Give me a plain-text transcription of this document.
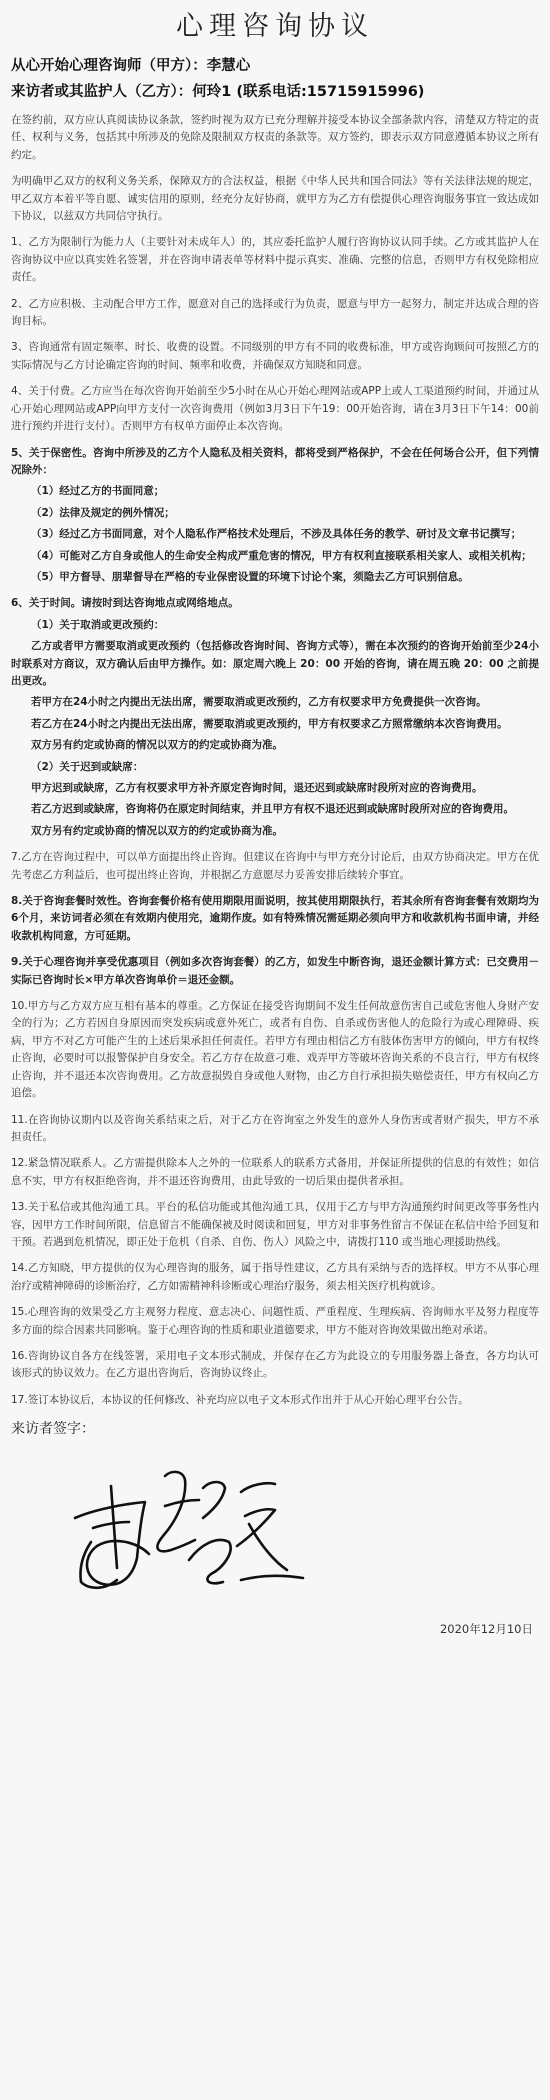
心理咨询协议
从心开始心理咨询师（甲方）：李慧心
来访者或其监护人（乙方）：何玲1 (联系电话:15715915996)

在签约前，双方应认真阅读协议条款，签约时视为双方已充分理解并接受本协议全部条款内容，清楚双方特定的责任、权利与义务，包括其中所涉及的免除及限制双方权责的条款等。双方签约，即表示双方同意遵循本协议之所有约定。

为明确甲乙双方的权利义务关系，保障双方的合法权益，根据《中华人民共和国合同法》等有关法律法规的规定，甲乙双方本着平等自愿、诚实信用的原则，经充分友好协商，就甲方为乙方有偿提供心理咨询服务事宜一致达成如下协议，以兹双方共同信守执行。

1、乙方为限制行为能力人（主要针对未成年人）的，其应委托监护人履行咨询协议认同手续。乙方或其监护人在咨询协议中应以真实姓名签署，并在咨询申请表单等材料中提示真实、准确、完整的信息，否则甲方有权免除相应责任。

2、乙方应积极、主动配合甲方工作，愿意对自己的选择或行为负责，愿意与甲方一起努力，制定并达成合理的咨询目标。

3、咨询通常有固定频率、时长、收费的设置。不同级别的甲方有不同的收费标准，甲方或咨询顾问可按照乙方的实际情况与乙方讨论确定咨询的时间、频率和收费，并确保双方知晓和同意。

4、关于付费。乙方应当在每次咨询开始前至少5小时在从心开始心理网站或APP上或人工渠道预约时间，并通过从心开始心理网站或APP向甲方支付一次咨询费用（例如3月3日下午19：00开始咨询，请在3月3日下午14：00前进行预约并进行支付）。否则甲方有权单方面停止本次咨询。

5、关于保密性。咨询中所涉及的乙方个人隐私及相关资料，都将受到严格保护，不会在任何场合公开，但下列情况除外：

（1）经过乙方的书面同意；

（2）法律及规定的例外情况；

（3）经过乙方书面同意，对个人隐私作严格技术处理后，不涉及具体任务的教学、研讨及文章书记撰写；

（4）可能对乙方自身或他人的生命安全构成严重危害的情况，甲方有权利直接联系相关家人、或相关机构；

（5）甲方督导、朋辈督导在严格的专业保密设置的环境下讨论个案，须隐去乙方可识别信息。

6、关于时间。请按时到达咨询地点或网络地点。

（1）关于取消或更改预约：

乙方或者甲方需要取消或更改预约（包括修改咨询时间、咨询方式等），需在本次预约的咨询开始前至少24小时联系对方商议，双方确认后由甲方操作。如：原定周六晚上 20：00 开始的咨询，请在周五晚 20：00 之前提出更改。

若甲方在24小时之内提出无法出席，需要取消或更改预约，乙方有权要求甲方免费提供一次咨询。

若乙方在24小时之内提出无法出席，需要取消或更改预约，甲方有权要求乙方照常缴纳本次咨询费用。

双方另有约定或协商的情况以双方的约定或协商为准。

（2）关于迟到或缺席：

甲方迟到或缺席，乙方有权要求甲方补齐原定咨询时间，退还迟到或缺席时段所对应的咨询费用。

若乙方迟到或缺席，咨询将仍在原定时间结束，并且甲方有权不退还迟到或缺席时段所对应的咨询费用。

双方另有约定或协商的情况以双方的约定或协商为准。

7.乙方在咨询过程中，可以单方面提出终止咨询。但建议在咨询中与甲方充分讨论后，由双方协商决定。甲方在优先考虑乙方利益后，也可提出终止咨询，并根据乙方意愿尽力妥善安排后续转介事宜。

8.关于咨询套餐时效性。咨询套餐价格有使用期限用面说明，按其使用期限执行，若其余所有咨询套餐有效期均为6个月，来访词者必须在有效期内使用完，逾期作废。如有特殊情况需延期必须向甲方和收款机构书面申请，并经收款机构同意，方可延期。

9.关于心理咨询并享受优惠项目（例如多次咨询套餐）的乙方，如发生中断咨询，退还金额计算方式：已交费用－实际已咨询时长×甲方单次咨询单价＝退还金额。

10.甲方与乙方双方应互相有基本的尊重。乙方保证在接受咨询期间不发生任何故意伤害自己或危害他人身财产安全的行为；乙方若因自身原因而突发疾病或意外死亡，或者有自伤、自杀或伤害他人的危险行为或心理障碍、疾病，甲方不对乙方可能产生的上述后果承担任何责任。若甲方有理由相信乙方有肢体伤害甲方的倾向，甲方有权终止咨询，必要时可以报警保护自身安全。若乙方存在故意刁难、戏弄甲方等破坏咨询关系的不良言行，甲方有权终止咨询，并不退还本次咨询费用。乙方故意损毁自身或他人财物，由乙方自行承担损失赔偿责任，甲方有权向乙方追偿。

11.在咨询协议期内以及咨询关系结束之后，对于乙方在咨询室之外发生的意外人身伤害或者财产损失，甲方不承担责任。

12.紧急情况联系人。乙方需提供除本人之外的一位联系人的联系方式备用，并保证所提供的信息的有效性；如信息不实，甲方有权拒绝咨询，并不退还咨询费用，由此导致的一切后果由提供者承担。

13.关于私信或其他沟通工具。平台的私信功能或其他沟通工具，仅用于乙方与甲方沟通预约时间更改等事务性内容，因甲方工作时间所限，信息留言不能确保被及时阅读和回复，甲方对非事务性留言不保证在私信中给予回复和干预。若遇到危机情况，即正处于危机（自杀、自伤、伤人）风险之中，请拨打110 或当地心理援助热线。

14.乙方知晓，甲方提供的仅为心理咨询的服务，属于指导性建议，乙方具有采纳与否的选择权。甲方不从事心理治疗或精神障碍的诊断治疗，乙方如需精神科诊断或心理治疗服务，须去相关医疗机构就诊。

15.心理咨询的效果受乙方主观努力程度、意志决心、问题性质、严重程度、生理疾病、咨询师水平及努力程度等多方面的综合因素共同影响。鉴于心理咨询的性质和职业道德要求，甲方不能对咨询效果做出绝对承诺。

16.咨询协议自各方在线签署，采用电子文本形式制成，并保存在乙方为此设立的专用服务器上备查，各方均认可该形式的协议效力。在乙方退出咨询后，咨询协议终止。

17.签订本协议后，本协议的任何修改、补充均应以电子文本形式作出并于从心开始心理平台公告。

来访者签字：
2020年12月10日
